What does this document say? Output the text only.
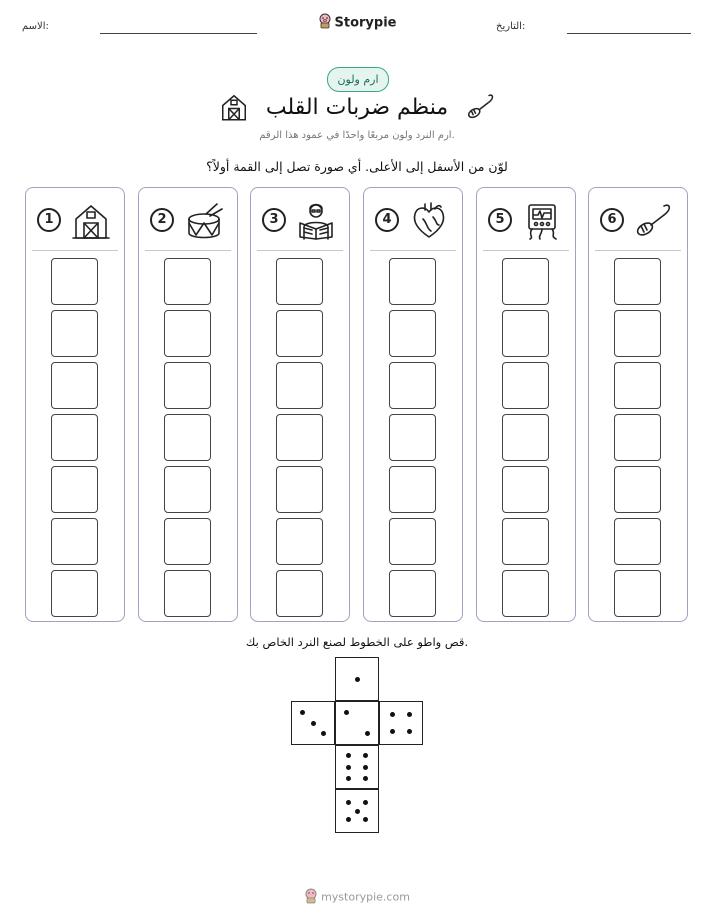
الاسم:	Storypie	التاريخ:
ارم ولون
منظم ضربات القلب
ارم النرد ولون مربعًا واحدًا في عمود هذا الرقم.
لوّن من الأسفل إلى الأعلى. أي صورة تصل إلى القمة أولاً؟
1	2	3	4	5	6
قص واطو على الخطوط لصنع النرد الخاص بك.
mystorypie.com
